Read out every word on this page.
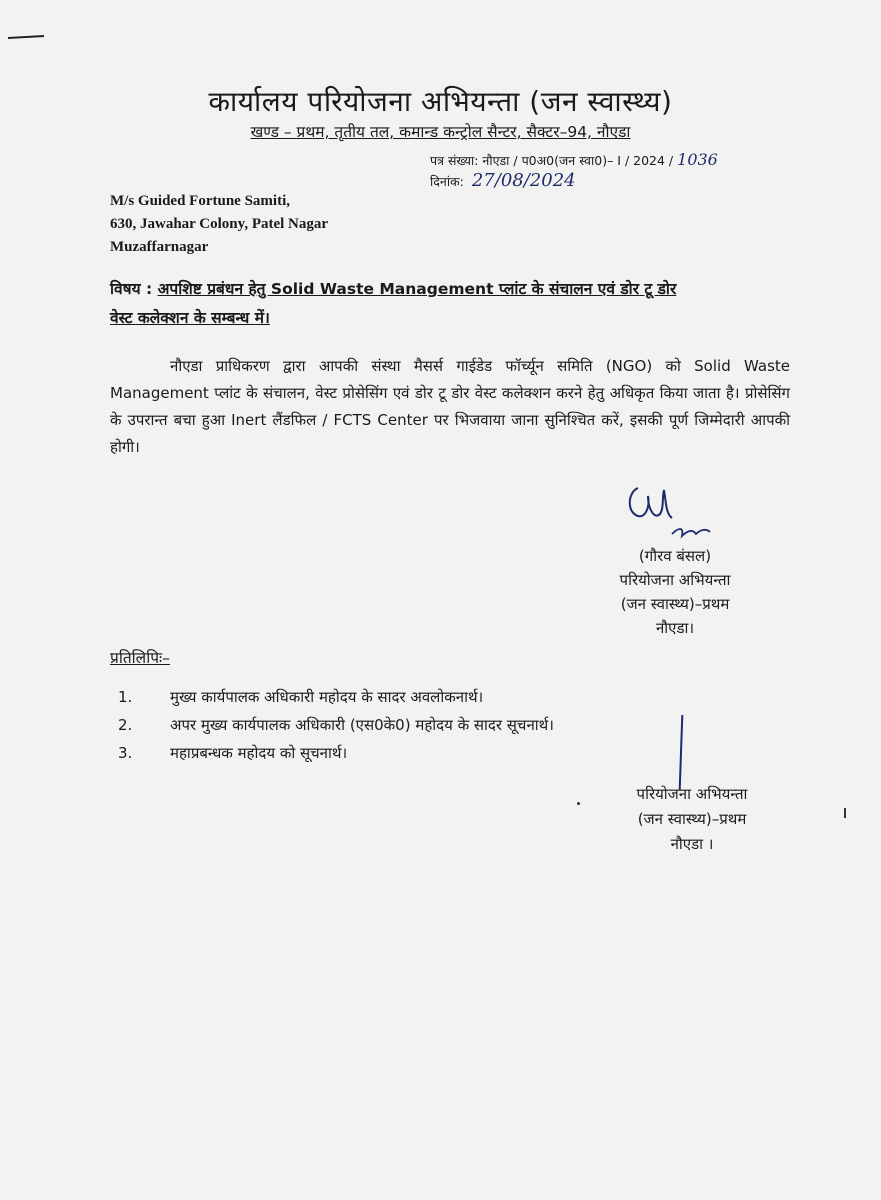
कार्यालय परियोजना अभियन्ता (जन स्वास्थ्य)
खण्ड – प्रथम, तृतीय तल, कमान्ड कन्ट्रोल सैन्टर, सैक्टर–94, नौएडा
पत्र संख्या: नौएडा / प0अ0(जन स्वा0)– I / 2024 / 1036
दिनांक: 27/08/2024
M/s Guided Fortune Samiti,
630, Jawahar Colony, Patel Nagar
Muzaffarnagar
विषय : अपशिष्ट प्रबंधन हेतु Solid Waste Management प्लांट के संचालन एवं डोर टू डोर
वेस्ट कलेक्शन के सम्बन्ध में।

नौएडा प्राधिकरण द्वारा आपकी संस्था मैसर्स गाईडेड फॉर्च्यून समिति (NGO) को Solid Waste Management प्लांट के संचालन, वेस्ट प्रोसेसिंग एवं डोर टू डोर वेस्ट कलेक्शन करने हेतु अधिकृत किया जाता है। प्रोसेसिंग के उपरान्त बचा हुआ Inert लैंडफिल / FCTS Center पर भिजवाया जाना सुनिश्चित करें, इसकी पूर्ण जिम्मेदारी आपकी होगी।

(गौरव बंसल)
परियोजना अभियन्ता
(जन स्वास्थ्य)–प्रथम
नौएडा।
प्रतिलिपिः–
1.	मुख्य कार्यपालक अधिकारी महोदय के सादर अवलोकनार्थ।
2.	अपर मुख्य कार्यपालक अधिकारी (एस0के0) महोदय के सादर सूचनार्थ।
3.	महाप्रबन्धक महोदय को सूचनार्थ।
परियोजना अभियन्ता
(जन स्वास्थ्य)–प्रथम
नौएडा ।
